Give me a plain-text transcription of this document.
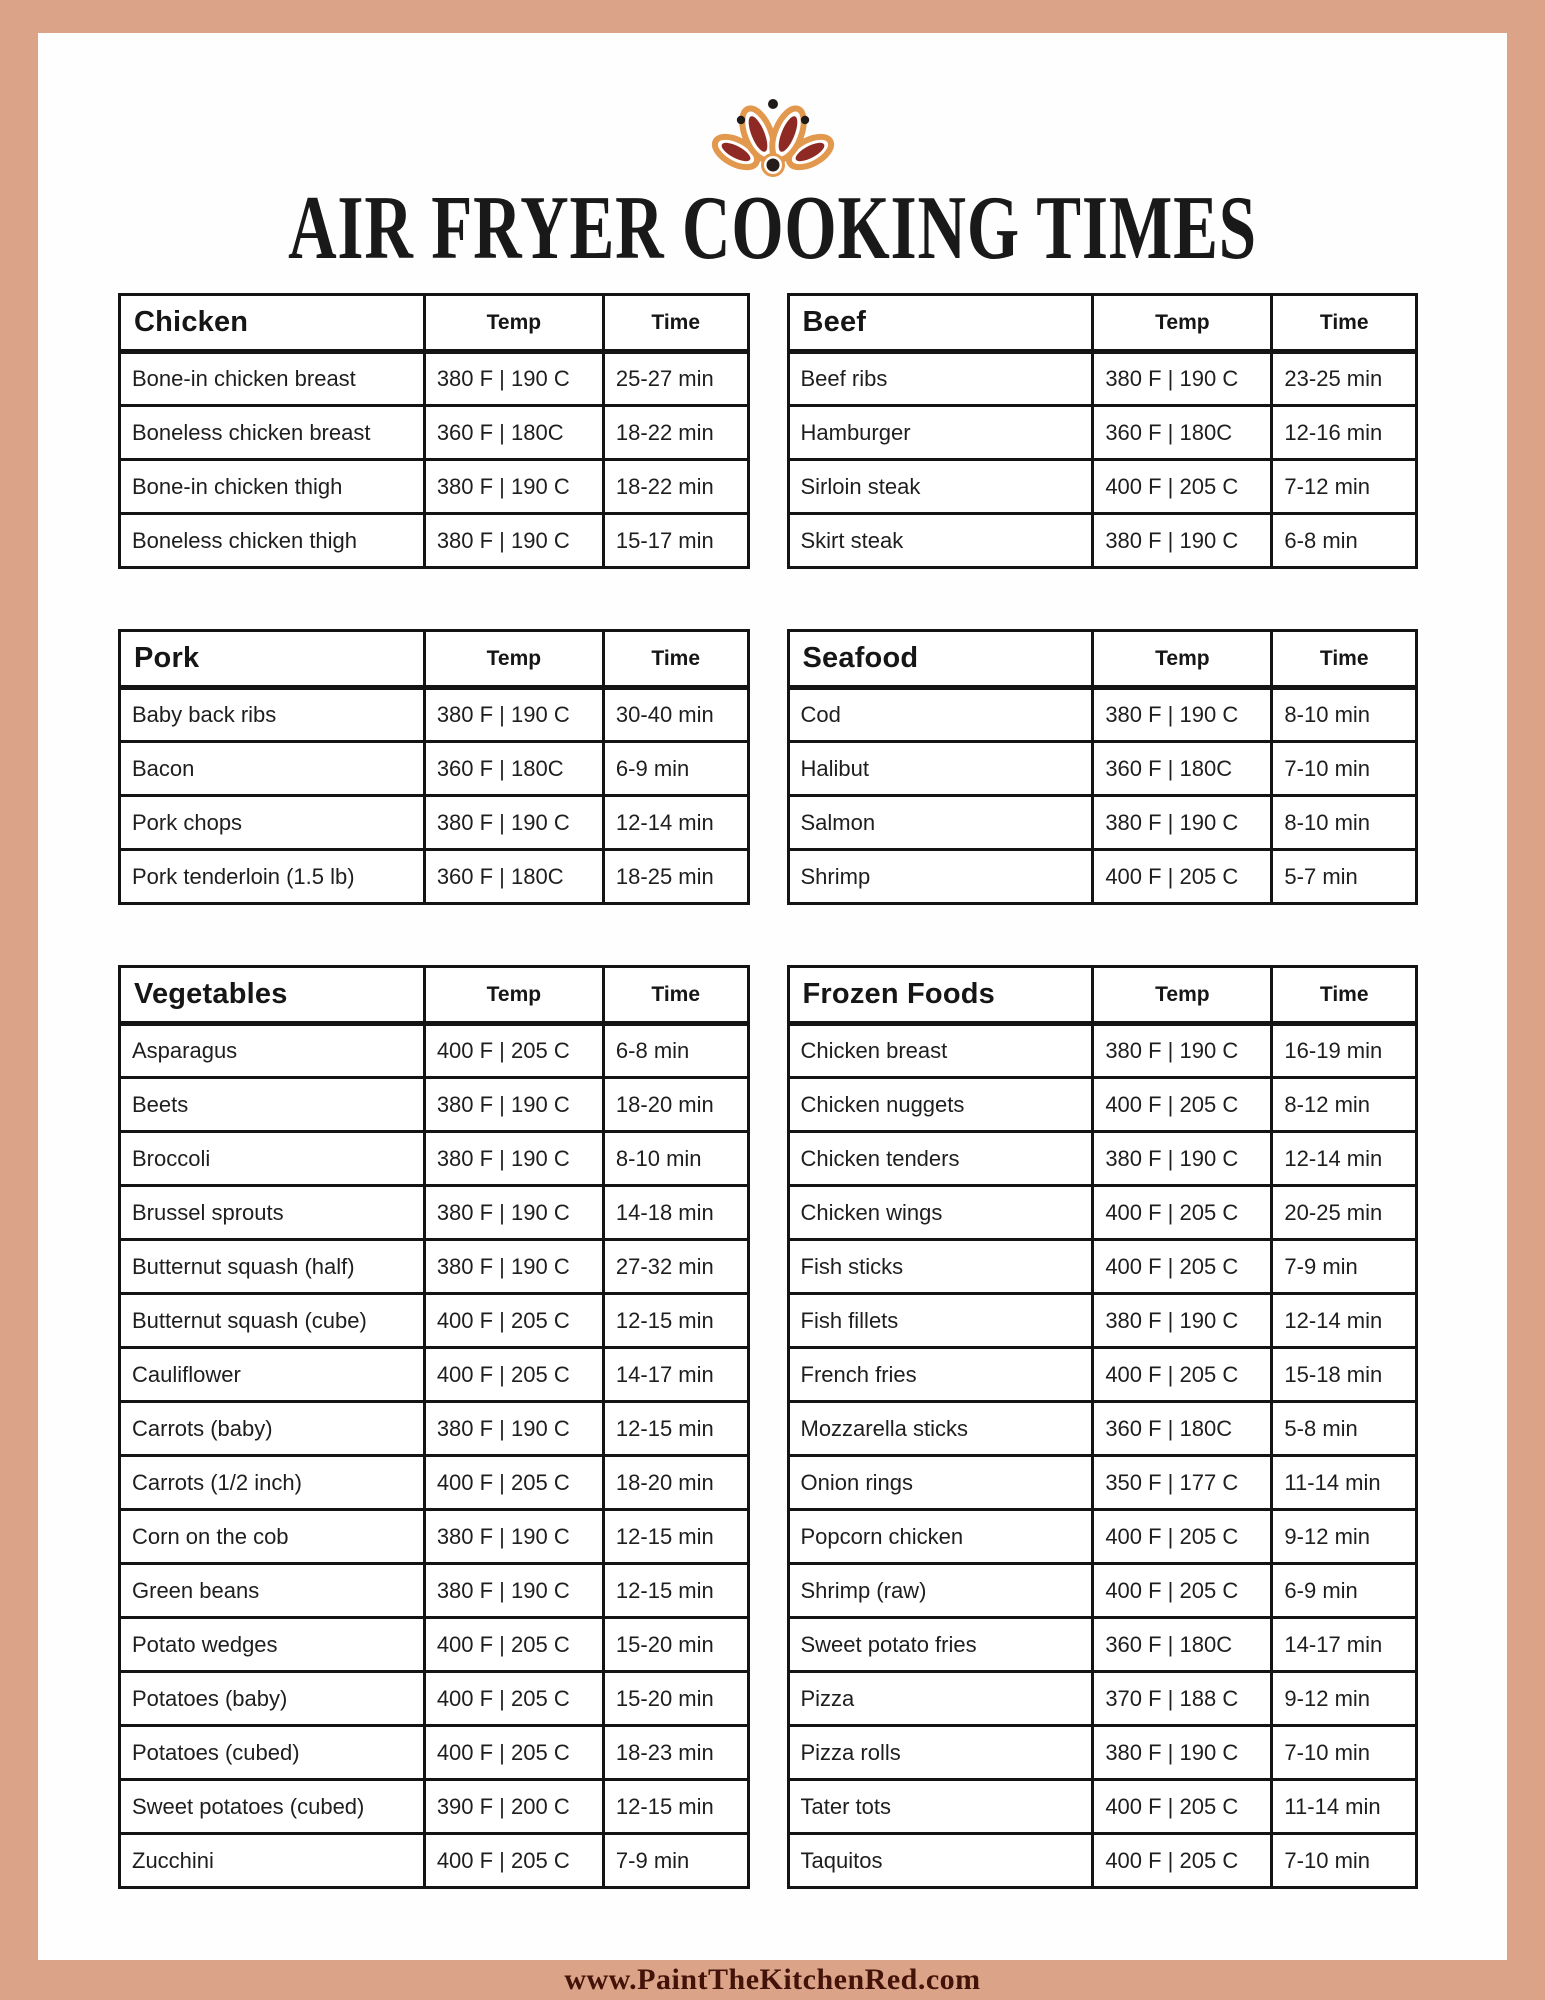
AIR FRYER COOKING TIMES
Chicken	Temp	Time
Bone-in chicken breast	380 F | 190 C	25-27 min
Boneless chicken breast	360 F | 180C	18-22 min
Bone-in chicken thigh	380 F | 190 C	18-22 min
Boneless chicken thigh	380 F | 190 C	15-17 min
Beef	Temp	Time
Beef ribs	380 F | 190 C	23-25 min
Hamburger	360 F | 180C	12-16 min
Sirloin steak	400 F | 205 C	7-12 min
Skirt steak	380 F | 190 C	6-8 min
Pork	Temp	Time
Baby back ribs	380 F | 190 C	30-40 min
Bacon	360 F | 180C	6-9 min
Pork chops	380 F | 190 C	12-14 min
Pork tenderloin (1.5 lb)	360 F | 180C	18-25 min
Seafood	Temp	Time
Cod	380 F | 190 C	8-10 min
Halibut	360 F | 180C	7-10 min
Salmon	380 F | 190 C	8-10 min
Shrimp	400 F | 205 C	5-7 min
Vegetables	Temp	Time
Asparagus	400 F | 205 C	6-8 min
Beets	380 F | 190 C	18-20 min
Broccoli	380 F | 190 C	8-10 min
Brussel sprouts	380 F | 190 C	14-18 min
Butternut squash (half)	380 F | 190 C	27-32 min
Butternut squash (cube)	400 F | 205 C	12-15 min
Cauliflower	400 F | 205 C	14-17 min
Carrots (baby)	380 F | 190 C	12-15 min
Carrots (1/2 inch)	400 F | 205 C	18-20 min
Corn on the cob	380 F | 190 C	12-15 min
Green beans	380 F | 190 C	12-15 min
Potato wedges	400 F | 205 C	15-20 min
Potatoes (baby)	400 F | 205 C	15-20 min
Potatoes (cubed)	400 F | 205 C	18-23 min
Sweet potatoes (cubed)	390 F | 200 C	12-15 min
Zucchini	400 F | 205 C	7-9 min
Frozen Foods	Temp	Time
Chicken breast	380 F | 190 C	16-19 min
Chicken nuggets	400 F | 205 C	8-12 min
Chicken tenders	380 F | 190 C	12-14 min
Chicken wings	400 F | 205 C	20-25 min
Fish sticks	400 F | 205 C	7-9 min
Fish fillets	380 F | 190 C	12-14 min
French fries	400 F | 205 C	15-18 min
Mozzarella sticks	360 F | 180C	5-8 min
Onion rings	350 F | 177 C	11-14 min
Popcorn chicken	400 F | 205 C	9-12 min
Shrimp (raw)	400 F | 205 C	6-9 min
Sweet potato fries	360 F | 180C	14-17 min
Pizza	370 F | 188 C	9-12 min
Pizza rolls	380 F | 190 C	7-10 min
Tater tots	400 F | 205 C	11-14 min
Taquitos	400 F | 205 C	7-10 min
www.PaintTheKitchenRed.com
